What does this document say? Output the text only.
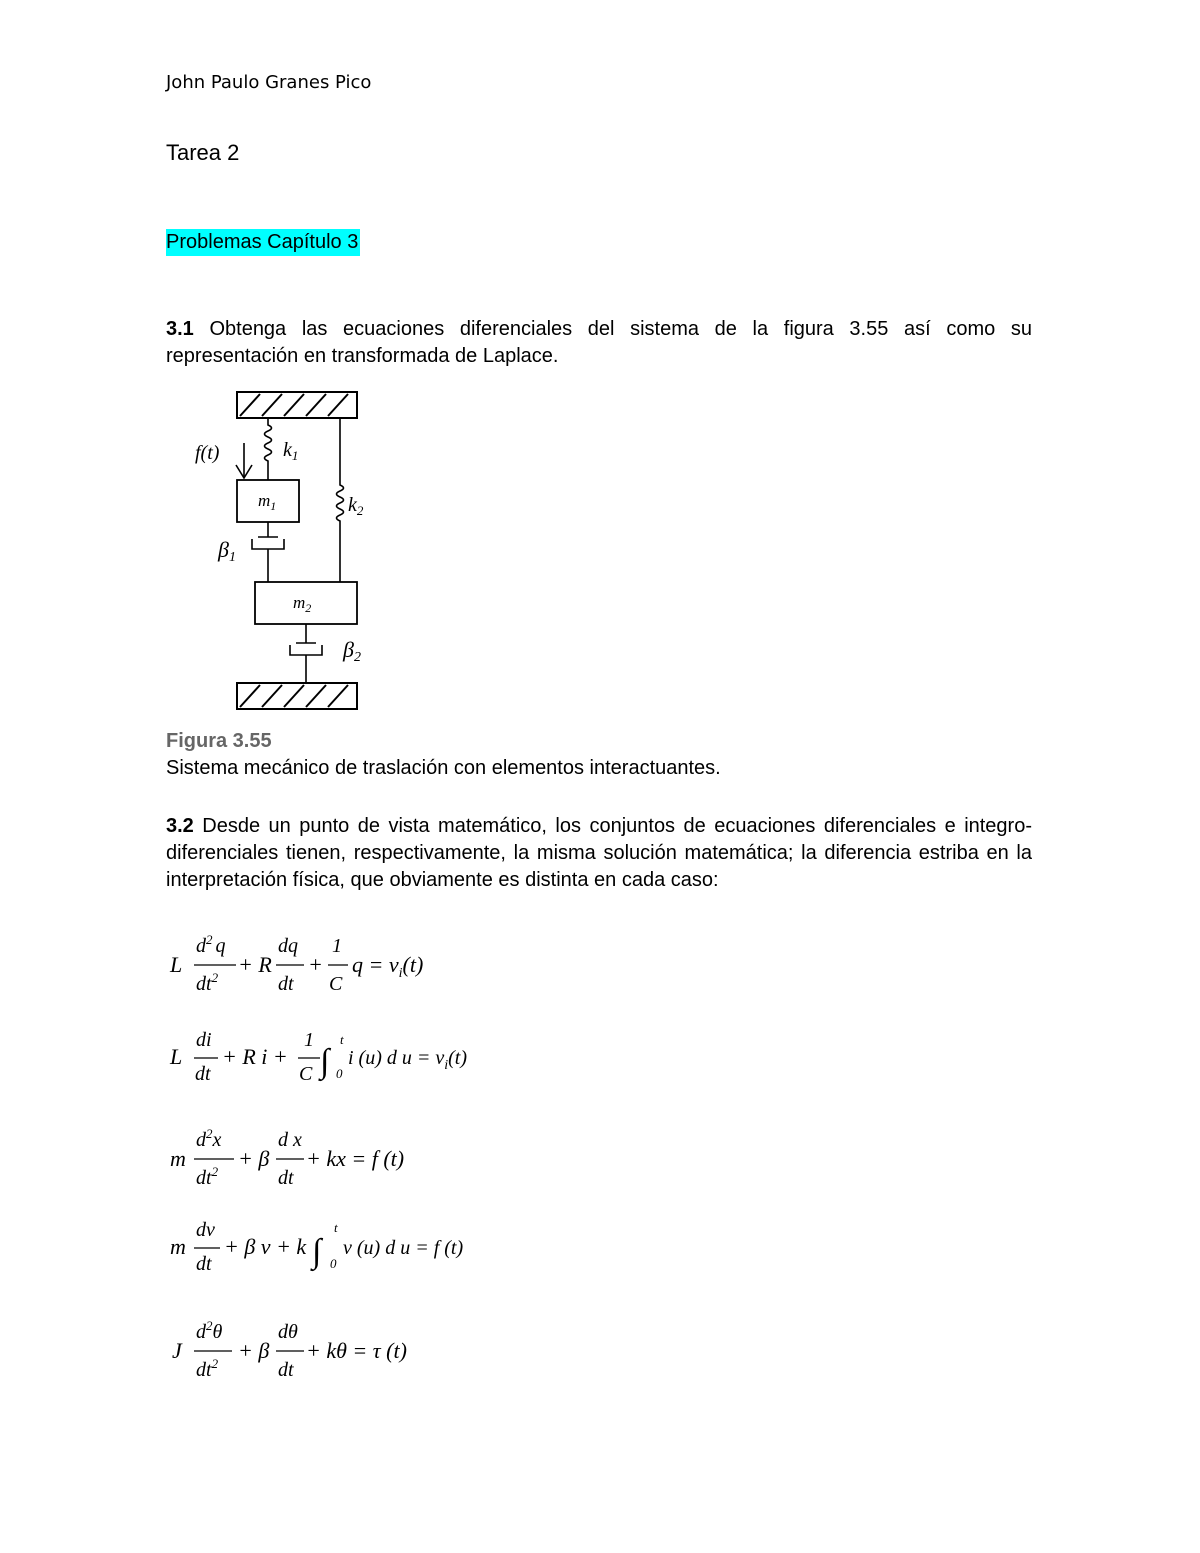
John Paulo Granes Pico
Tarea 2
Problemas Capítulo 3
3.1 Obtenga las ecuaciones diferenciales del sistema de la figura 3.55 así como su representación en transformada de Laplace.
f(t)	$k_1$
$m_1$	$k_2$
β1
$m_2$
β2
Figura 3.55
Sistema mecánico de traslación con elementos interactuantes.
3.2 Desde un punto de vista matemático, los conjuntos de ecuaciones diferenciales e integro-diferenciales tienen, respectivamente, la misma solución matemática; la diferencia estriba en la interpretación física, que obviamente es distinta en cada caso:
L
$d^2$ q
$dt^2$
+ R
dq
dt
+
1
C
$q = v_i(t)$
L
di
dt
+ R i +
1
C ∫
t
0
i (u) d $u = v_i(t)$
m
$d^2x$
$dt^2$
+ β
d x
dt
+ kx = f (t)
m
dv
dt
+ β v + k ∫
t
0
v (u) d u = f (t)
J
$d^2\theta$
$dt^2$
+ β
dθ
dt
+ kθ = τ (t)
